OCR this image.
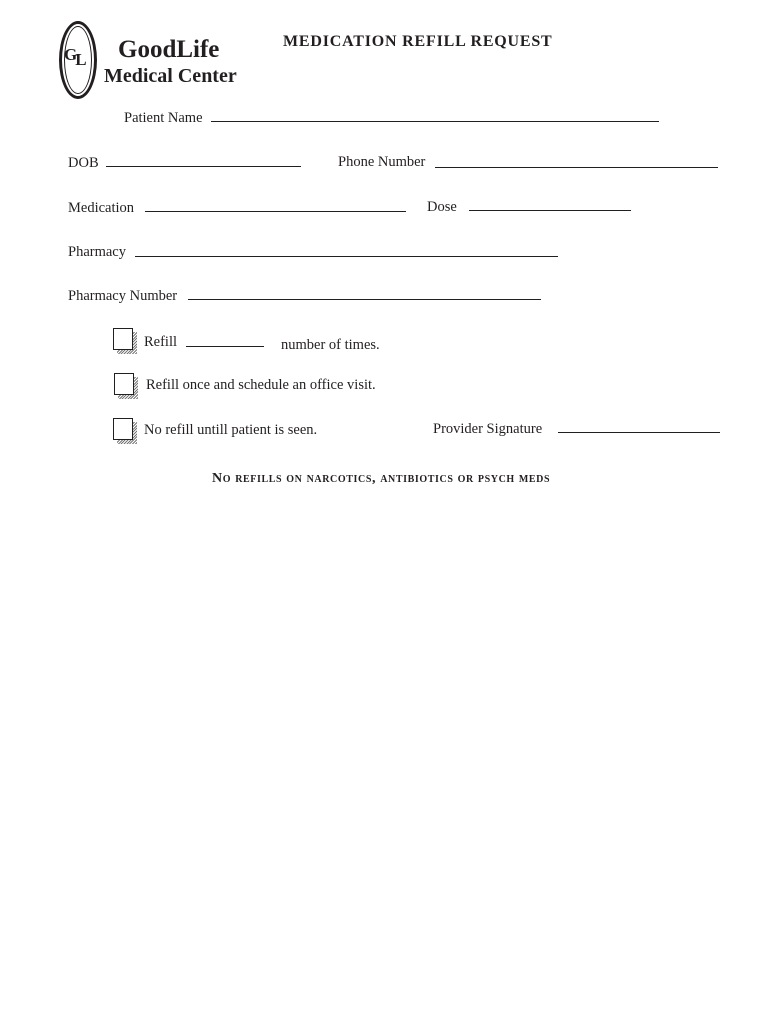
GL GoodLife
Medical Center
MEDICATION REFILL REQUEST
Patient Name
DOB	Phone Number
Medication	Dose
Pharmacy
Pharmacy Number
Refill	number of times.
Refill once and schedule an office visit.
No refill untill patient is seen.	Provider Signature
No refills on narcotics, antibiotics or psych meds
